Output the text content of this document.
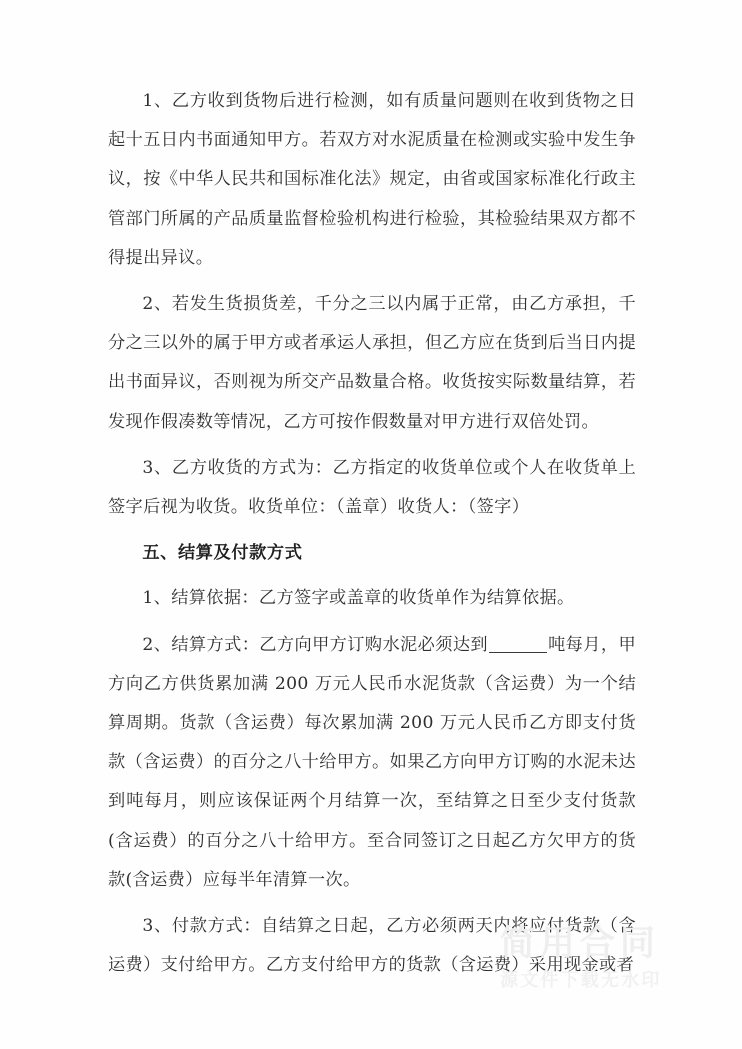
1、乙方收到货物后进行检测，如有质量问题则在收到货物之日起十五日内书面通知甲方。若双方对水泥质量在检测或实验中发生争议，按《中华人民共和国标准化法》规定，由省或国家标准化行政主管部门所属的产品质量监督检验机构进行检验，其检验结果双方都不得提出异议。

2、若发生货损货差，千分之三以内属于正常，由乙方承担，千分之三以外的属于甲方或者承运人承担，但乙方应在货到后当日内提出书面异议，否则视为所交产品数量合格。收货按实际数量结算，若发现作假凑数等情况，乙方可按作假数量对甲方进行双倍处罚。

3、乙方收货的方式为：乙方指定的收货单位或个人在收货单上签字后视为收货。收货单位：（盖章）收货人：（签字）

五、结算及付款方式

1、结算依据：乙方签字或盖章的收货单作为结算依据。

2、结算方式：乙方向甲方订购水泥必须达到	吨每月，甲方向乙方供货累加满 200 万元人民币水泥货款（含运费）为一个结算周期。货款（含运费）每次累加满 200 万元人民币乙方即支付货款（含运费）的百分之八十给甲方。如果乙方向甲方订购的水泥未达到吨每月，则应该保证两个月结算一次，至结算之日至少支付货款(含运费）的百分之八十给甲方。至合同签订之日起乙方欠甲方的货款(含运费）应每半年清算一次。

3、付款方式：自结算之日起，乙方必须两天内将应付货款（含运费）支付给甲方。乙方支付给甲方的货款（含运费）采用现金或者

简用合同
源文件下载无水印
